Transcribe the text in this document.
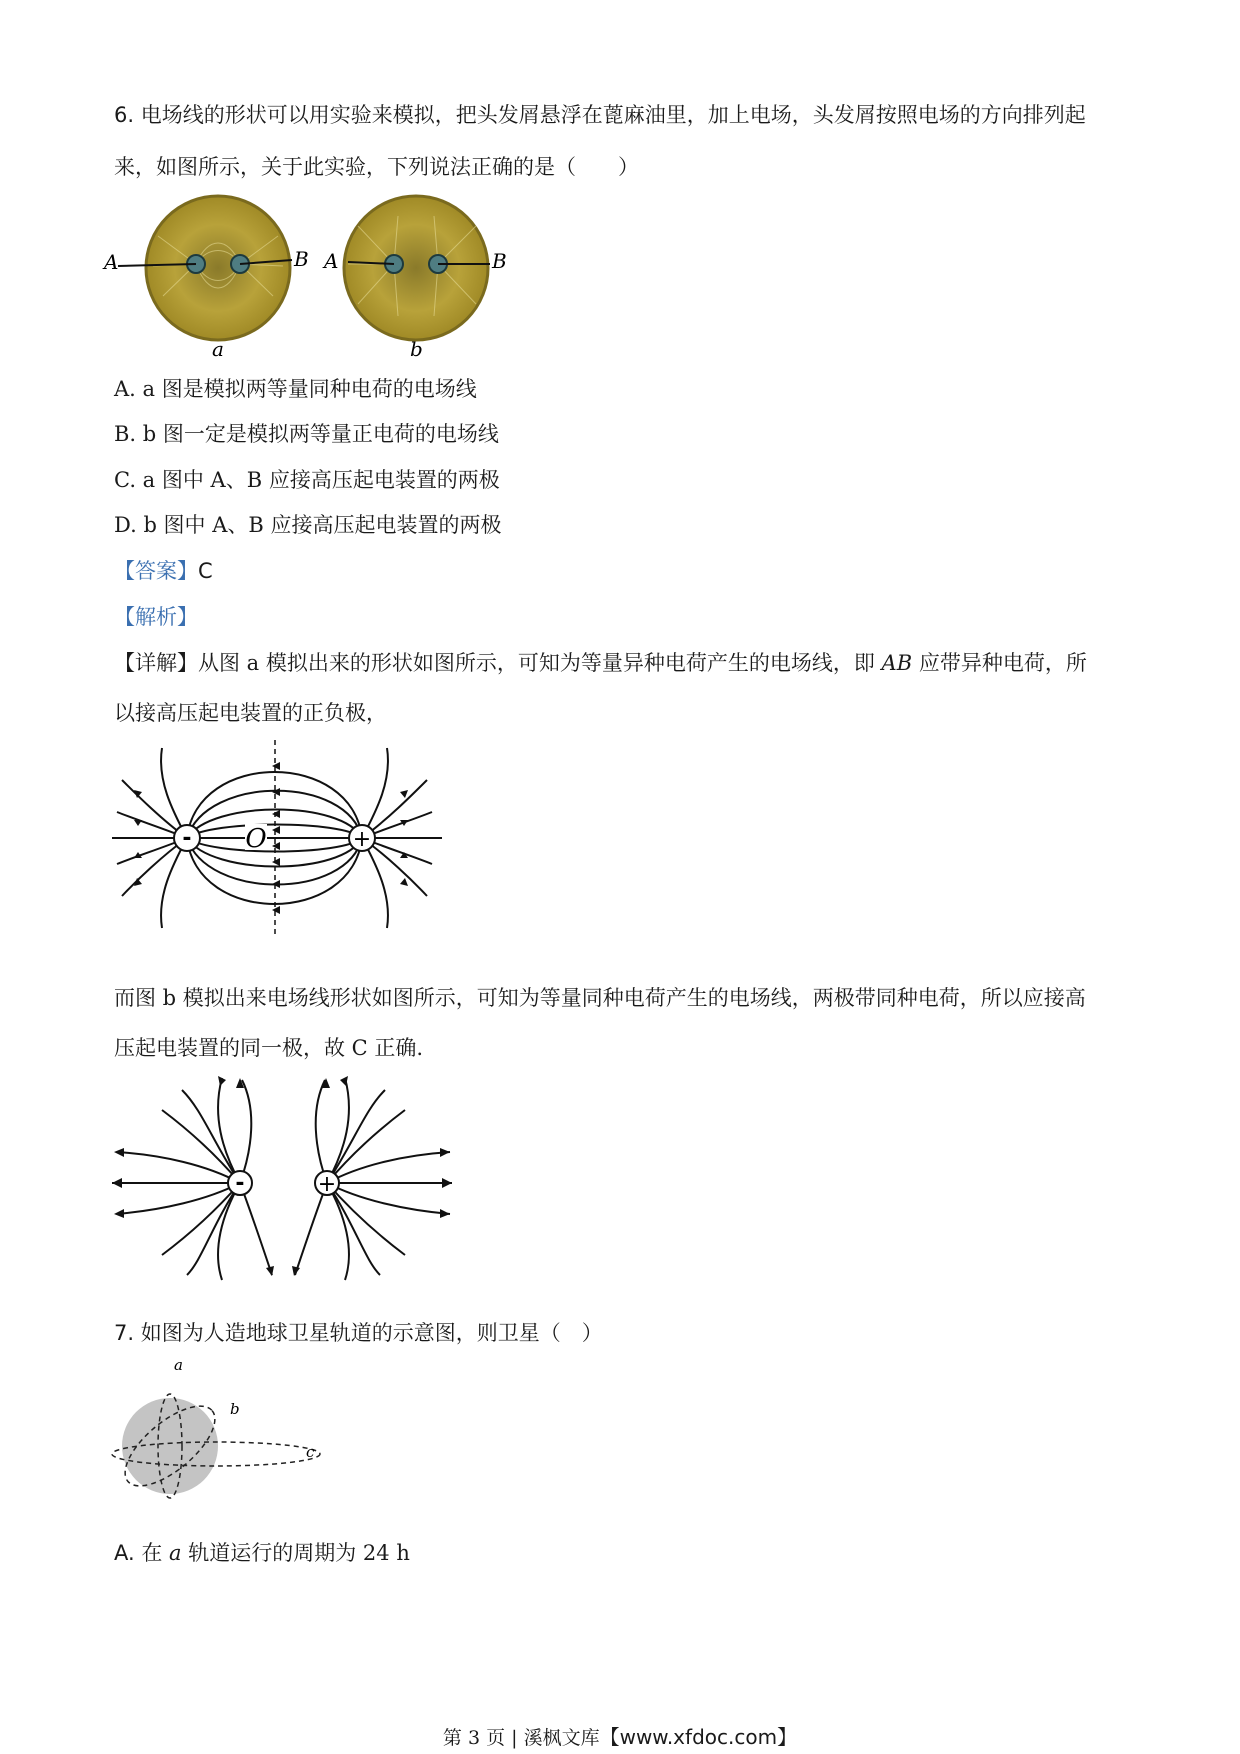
6. 电场线的形状可以用实验来模拟，把头发屑悬浮在蓖麻油里，加上电场，头发屑按照电场的方向排列起
来，如图所示，关于此实验，下列说法正确的是（　　）
A	B
a
A	B
b
A. a 图是模拟两等量同种电荷的电场线
B. b 图一定是模拟两等量正电荷的电场线
C. a 图中 A、B 应接高压起电装置的两极
D. b 图中 A、B 应接高压起电装置的两极
【答案】C
【解析】
【详解】从图 a 模拟出来的形状如图所示，可知为等量异种电荷产生的电场线，即 AB 应带异种电荷，所
以接高压起电装置的正负极，
-	+
O
而图 b 模拟出来电场线形状如图所示，可知为等量同种电荷产生的电场线，两极带同种电荷，所以应接高
压起电装置的同一极，故 C 正确.
-	+
7. 如图为人造地球卫星轨道的示意图，则卫星（　）
a
b
c
A. 在 a 轨道运行的周期为 24 h
第 3 页 | 溪枫文库【www.xfdoc.com】
